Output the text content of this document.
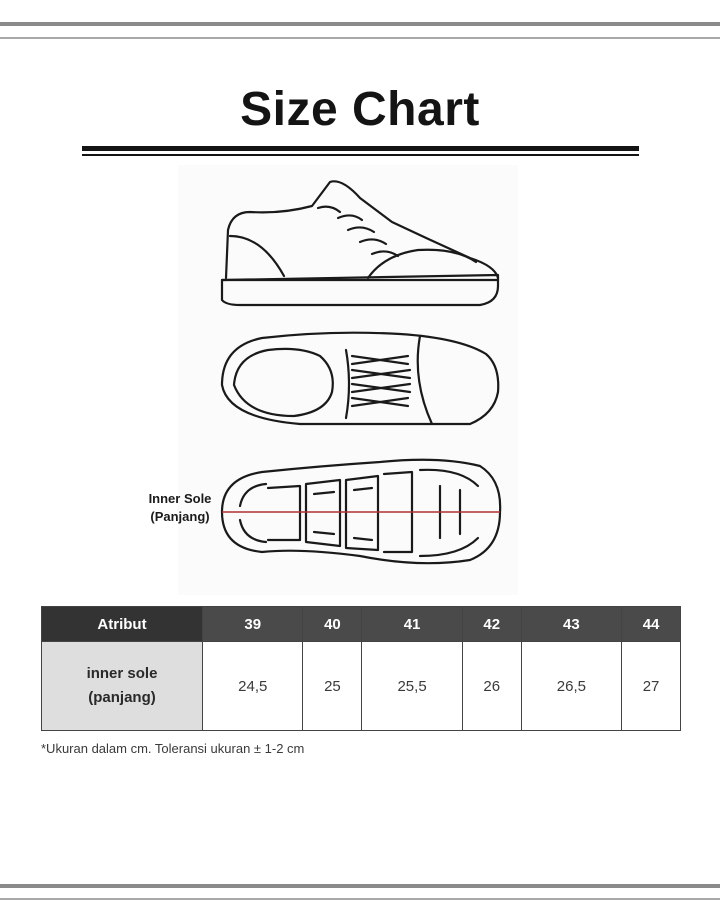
Size Chart
Inner Sole
(Panjang)
Atribut	39	40	41	42	43	44

inner sole
(panjang)	24,5	25	25,5	26	26,5	27
*Ukuran dalam cm. Toleransi ukuran ± 1-2 cm
